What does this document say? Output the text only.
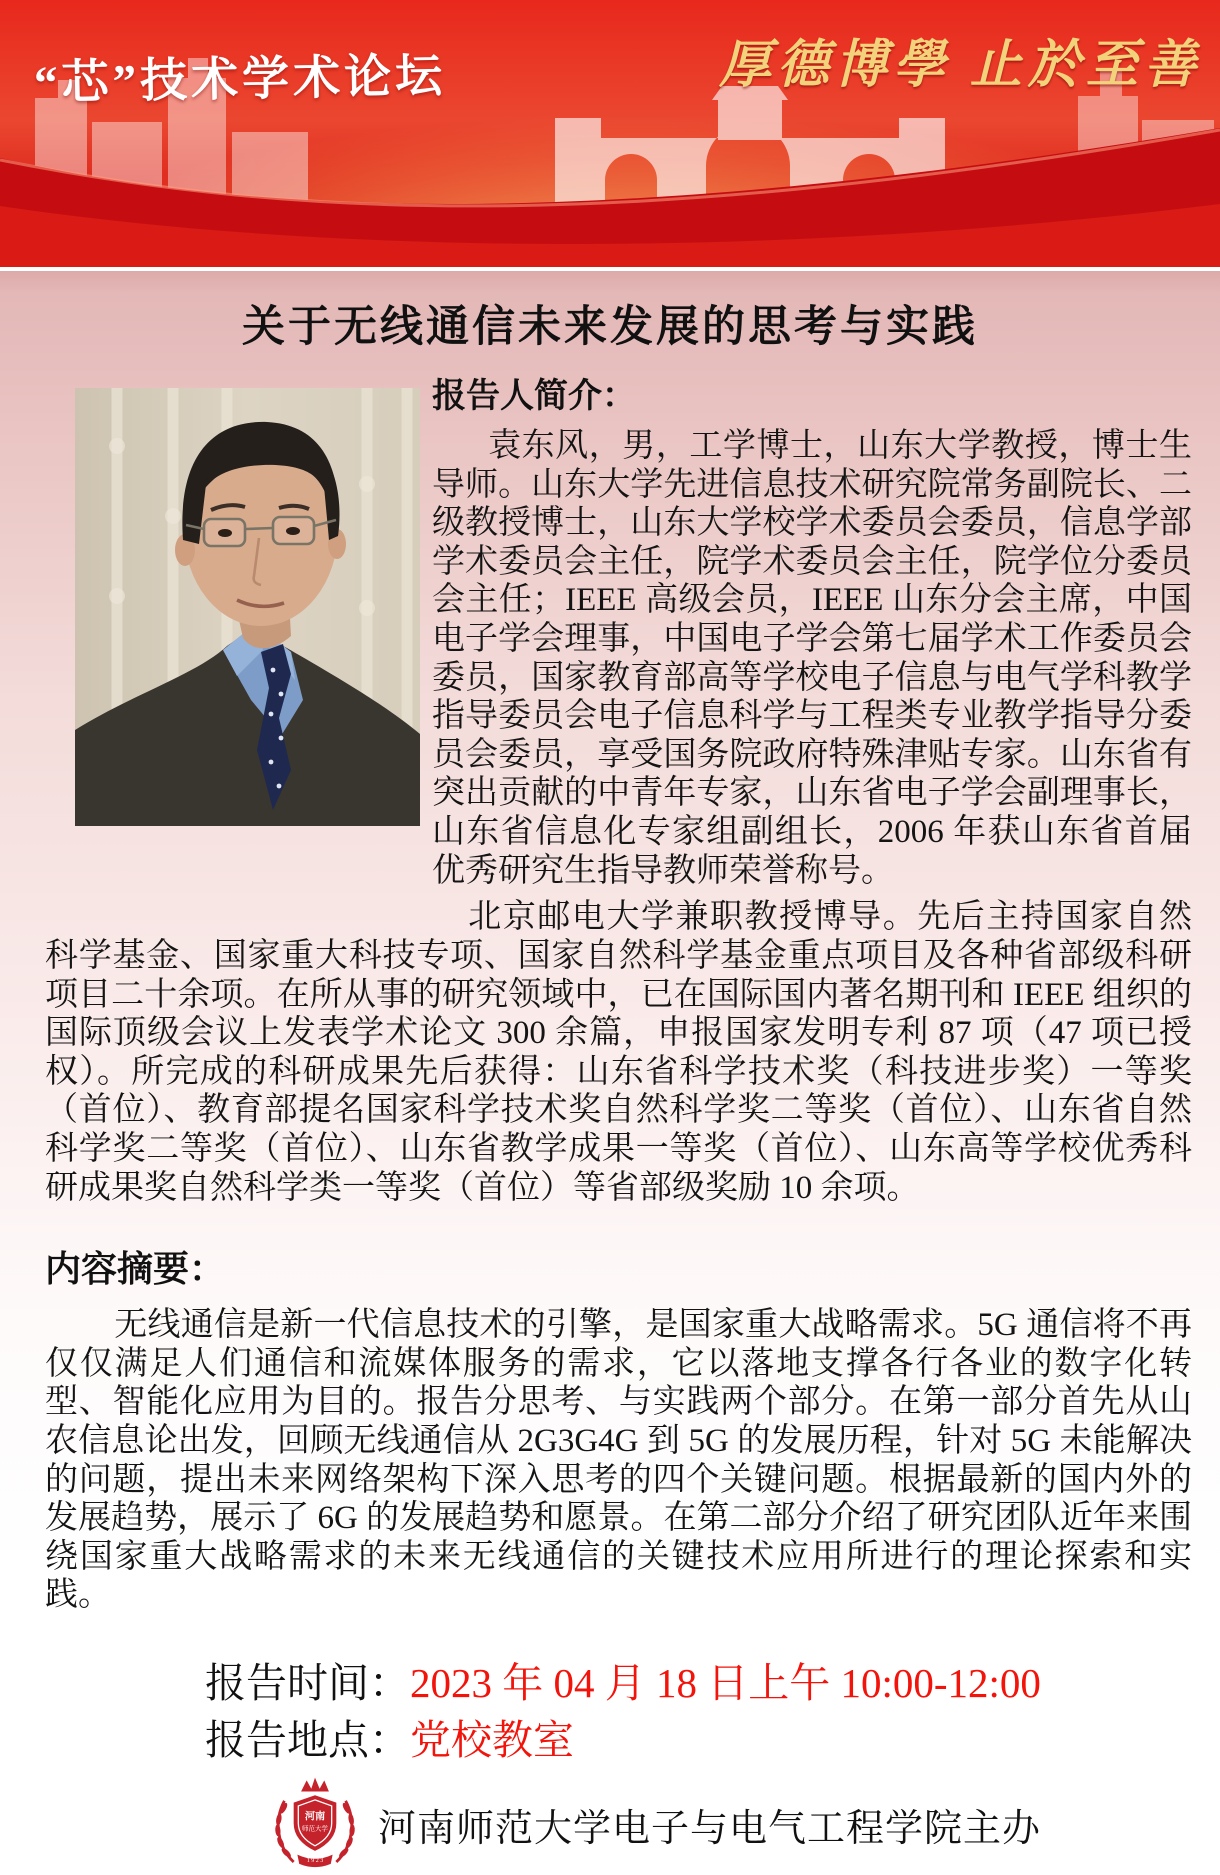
“芯”技术学术论坛	厚德博學 止於至善
关于无线通信未来发展的思考与实践
报告人简介：

袁东风，男，工学博士，山东大学教授，博士生导师。山东大学先进信息技术研究院常务副院长、二级教授博士，山东大学校学术委员会委员，信息学部学术委员会主任，院学术委员会主任，院学位分委员会主任；IEEE 高级会员，IEEE 山东分会主席，中国电子学会理事，中国电子学会第七届学术工作委员会委员，国家教育部高等学校电子信息与电气学科教学指导委员会电子信息科学与工程类专业教学指导分委员会委员，享受国务院政府特殊津贴专家。山东省有突出贡献的中青年专家，山东省电子学会副理事长，山东省信息化专家组副组长，2006 年获山东省首届优秀研究生指导教师荣誉称号。

北京邮电大学兼职教授博导。先后主持国家自然科学基金、国家重大科技专项、国家自然科学基金重点项目及各种省部级科研项目二十余项。在所从事的研究领域中，已在国际国内著名期刊和 IEEE 组织的国际顶级会议上发表学术论文 300 余篇，申报国家发明专利 87 项（47 项已授权）。所完成的科研成果先后获得：山东省科学技术奖（科技进步奖）一等奖（首位）、教育部提名国家科学技术奖自然科学奖二等奖（首位）、山东省自然科学奖二等奖（首位）、山东省教学成果一等奖（首位）、山东高等学校优秀科研成果奖自然科学类一等奖（首位）等省部级奖励 10 余项。

内容摘要：

无线通信是新一代信息技术的引擎，是国家重大战略需求。5G 通信将不再仅仅满足人们通信和流媒体服务的需求，它以落地支撑各行各业的数字化转型、智能化应用为目的。报告分思考、与实践两个部分。在第一部分首先从山农信息论出发，回顾无线通信从 2G3G4G 到 5G 的发展历程，针对 5G 未能解决的问题，提出未来网络架构下深入思考的四个关键问题。根据最新的国内外的发展趋势，展示了 6G 的发展趋势和愿景。在第二部分介绍了研究团队近年来围绕国家重大战略需求的未来无线通信的关键技术应用所进行的理论探索和实践。

报告时间：2023 年 04 月 18 日上午 10:00-12:00
报告地点：党校教室
河南
师范大学
1 9 2 3
河南师范大学电子与电气工程学院主办
